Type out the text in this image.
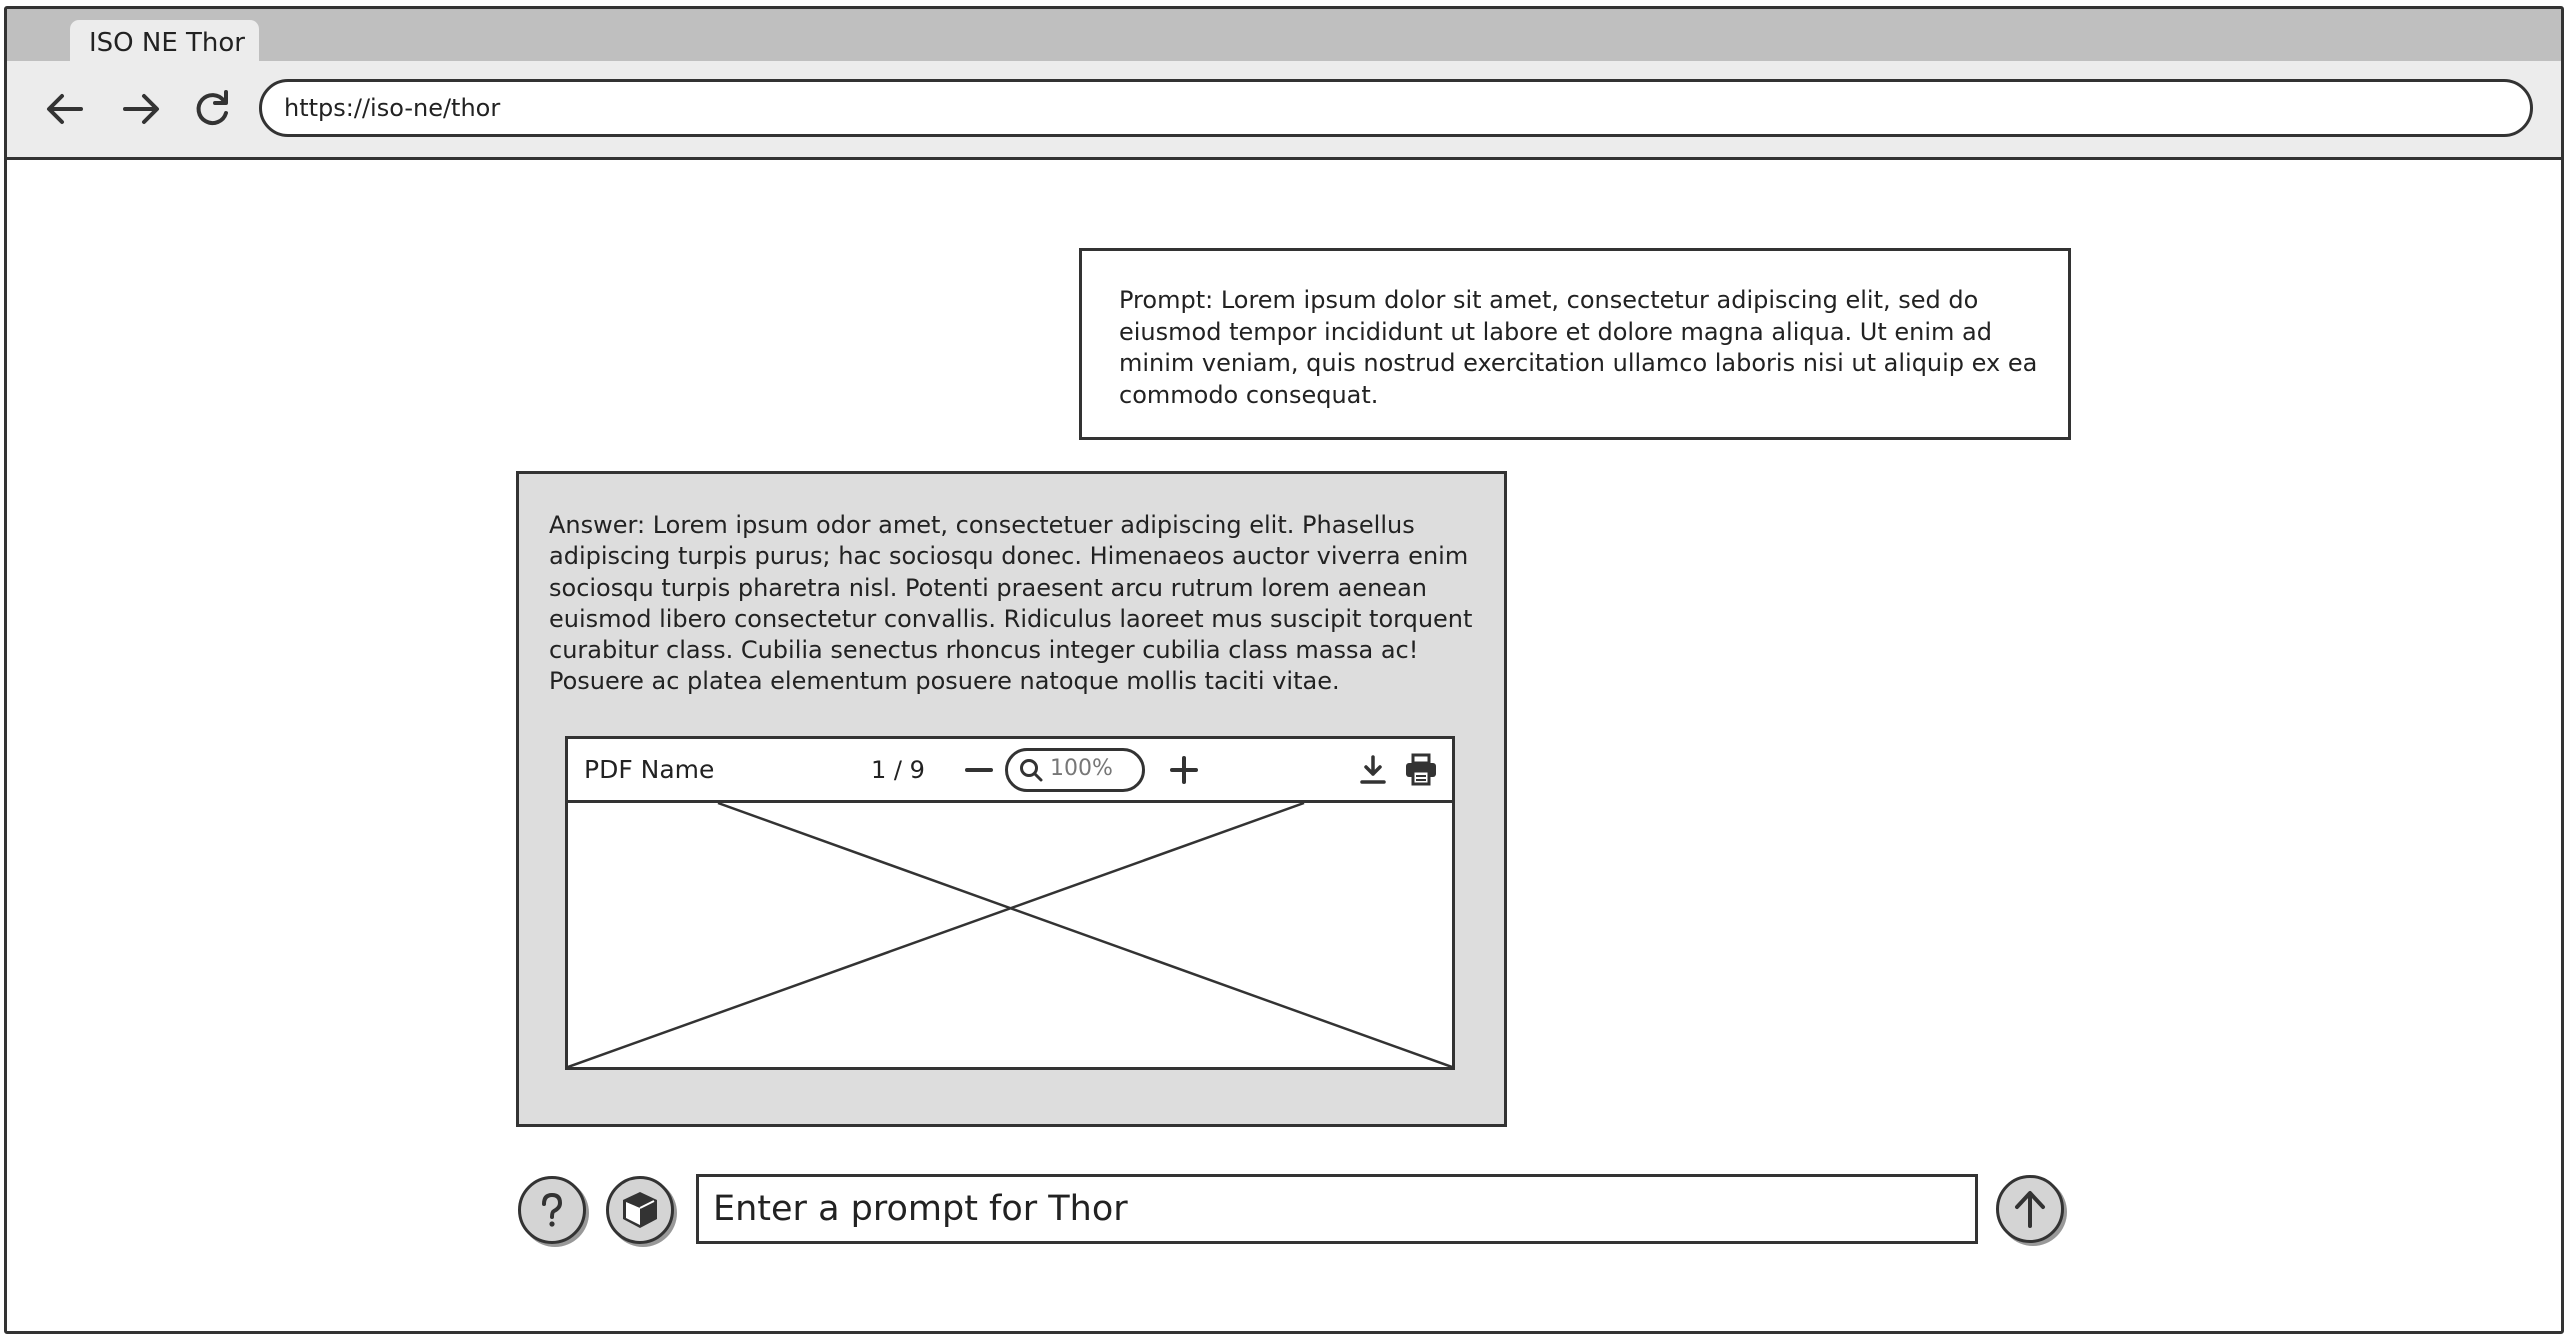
ISO NE Thor
https://iso-ne/thor
Prompt: Lorem ipsum dolor sit amet, consectetur adipiscing elit, sed do eiusmod tempor incididunt ut labore et dolore magna aliqua. Ut enim ad minim veniam, quis nostrud exercitation ullamco laboris nisi ut aliquip ex ea commodo consequat.
Answer: Lorem ipsum odor amet, consectetuer adipiscing elit. Phasellus adipiscing turpis purus; hac sociosqu donec. Himenaeos auctor viverra enim sociosqu turpis pharetra nisl. Potenti praesent arcu rutrum lorem aenean euismod libero consectetur convallis. Ridiculus laoreet mus suscipit torquent curabitur class. Cubilia senectus rhoncus integer cubilia class massa ac! Posuere ac platea elementum posuere natoque mollis taciti vitae.
PDF Name	1 / 9	100%
Enter a prompt for Thor
